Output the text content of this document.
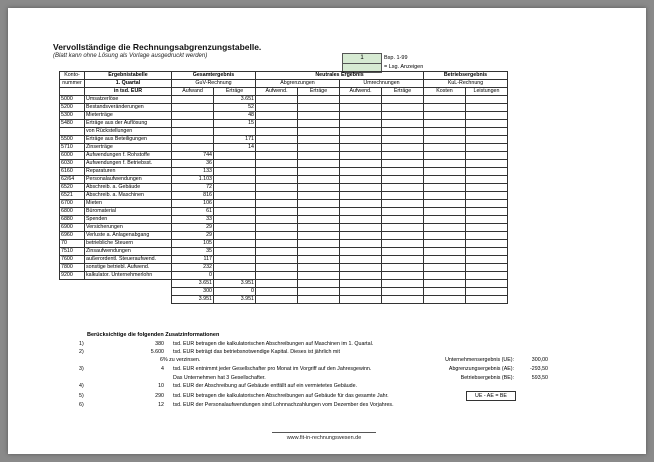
Vervollständige die Rechnungsabgrenzungstabelle.
(Blatt kann ohne Lösung als Vorlage ausgedruckt werden)	1	Bsp. 1-99
= Lsg. Anzeigen
Konto-	Ergebnistabelle	Gesamtergebnis		Neutrales Ergebnis				Betriebsergebnis	
nummer	1. Quartal	GuV-Rechnung		Abgrenzungen		Umrechnungen		KuL-Rechnung	
	in tsd. EUR	Aufwand	Erträge	Aufwend.	Erträge	Aufwend.	Erträge	Kosten	Leistungen
5000	Umsatzerlöse		3.651						
5200	Bestandsveränderungen		52						
5300	Mieterträge		48						
5480	Erträge aus der Auflösung		15						
	von Rückstellungen								
5500	Erträge aus Beteiligungen		171						
5710	Zinserträge		14						
6000	Aufwendungen f. Rohstoffe	744							
6030	Aufwendungen f. Betriebsst.	36							
6160	Reparaturen	133							
62/64	Personalaufwendungen	1.103							
6520	Abschreib. a. Gebäude	72							
6521	Abschreib. a. Maschinen	816							
6700	Mieten	106							
6800	Büromaterial	61							
6880	Spenden	33							
6900	Versicherungen	29							
6960	Verluste a. Anlagenabgang	29							
70	betriebliche Steuern	105							
7510	Zinsaufwendungen	35							
7600	außerordentl. Steueraufwend.	117							
7800	sonstige betriebl. Aufwend.	232							
9200	kalkulator. Unternehmerlohn	0							
		3.651	3.951						
		300	0						
		3.951	3.951						
Berücksichtige die folgenden Zusatzinformationen
1)	380 tsd. EUR betragen die kalkulatorischen Abschreibungen auf Maschinen im 1. Quartal.
2)	5.600 tsd. EUR beträgt das betriebsnotwendige Kapital. Dieses ist jährlich mit
6% zu verzinsen.
3)	4 tsd. EUR entnimmt jeder Gesellschafter pro Monat im Vorgriff auf den Jahresgewinn.
Das Unternehmen hat 3 Gesellschafter.
4)	10 tsd. EUR der Abschreibung auf Gebäude entfällt auf ein vermietetes Gebäude.
5)	290 tsd. EUR betragen die kalkulatorischen Abschreibungen auf Gebäude für das gesamte Jahr.
6)	12 tsd. EUR der Personalaufwendungen sind Lohnnachzahlungen vom Dezember des Vorjahres.
Unternehmensergebnis (UE):	300,00
Abgrenzungsergebnis (AE):	-293,50
Betriebsergebnis (BE):	593,50
UE - AE = BE
www.fit-in-rechnungswesen.de
